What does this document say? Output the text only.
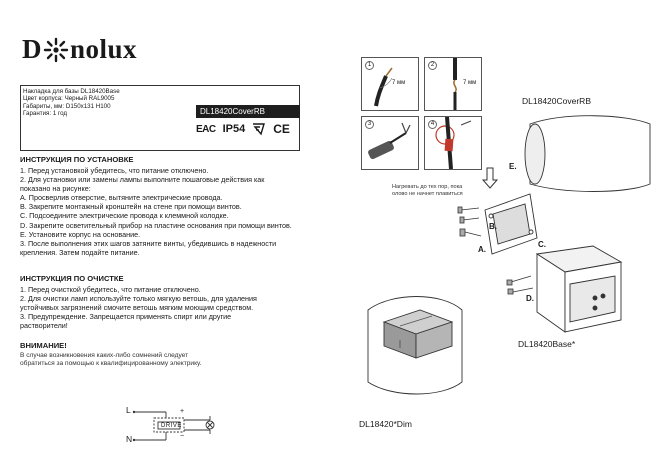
D nolux
Накладка для базы DL18420Base
Цвет корпуса: Черный RAL9005
Габариты, мм: D150x131 H100
Гарантия: 1 год	DL18420CoverRB
EAC IP54 CE
ИНСТРУКЦИЯ ПО УСТАНОВКЕ
1. Перед установкой убедитесь, что питание отключено.
2. Для установки или замены лампы выполните пошаговые действия как
показано на рисунке:
A. Просверлив отверстие, вытяните электрические провода.
B. Закрепите монтажный кронштейн на стене при помощи винтов.
C. Подсоедините электрические провода к клеммной колодке.
D. Закрепите осветительный прибор на пластине основания при помощи винтов.
E. Установите корпус на основание.
3. После выполнения этих шагов затяните винты, убедившись в надежности
крепления. Затем подайте питание.
ИНСТРУКЦИЯ ПО ОЧИСТКЕ
1. Перед очисткой убедитесь, что питание отключено.
2. Для очистки ламп используйте только мягкую ветошь, для удаления
устойчивых загрязнений смочите ветошь мягким моющим средством.
3. Предупреждение. Запрещается применять спирт или другие
растворители!
ВНИМАНИЕ!
В случае возникновения каких-либо сомнений следует
обратиться за помощью к квалифицированному электрику.
L
N
DRIVE
+
−
1
7 мм
2
7 мм
3	4
Нагревать до тех пор, пока
олово не начнет плавиться
DL18420CoverRB
E.
A.
B.
C.
D.
DL18420Base*
DL18420*Dim
